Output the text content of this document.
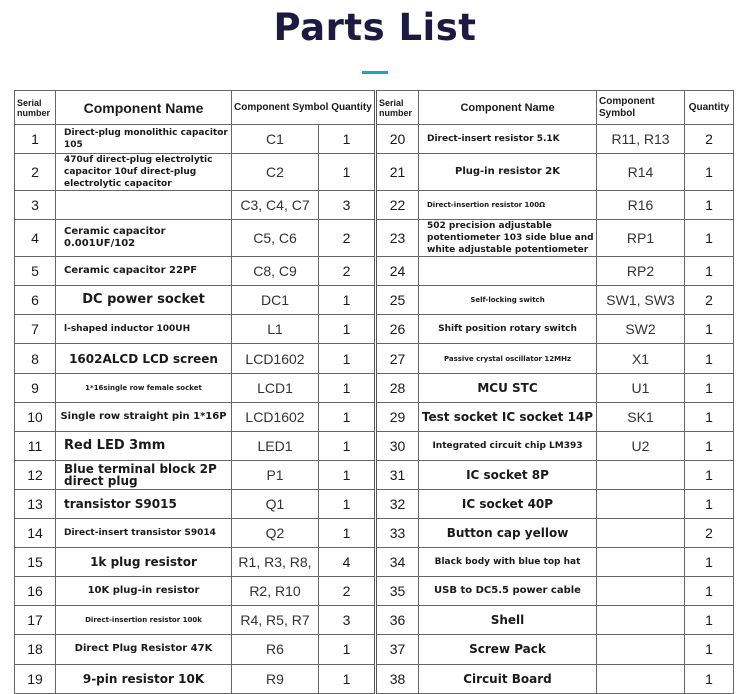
Parts List
Serial number	Component Name	Component Symbol Quantity		Serial number	Component Name	Component Symbol	Quantity
1	Direct-plug monolithic capacitor 105	C1	1	20	Direct-insert resistor 5.1K	R11, R13	2
2	470uf direct-plug electrolytic capacitor 10uf direct-plug electrolytic capacitor	C2	1	21	Plug-in resistor 2K	R14	1
3		C3, C4, C7	3	22	Direct-insertion resistor 100Ω	R16	1
4	Ceramic capacitor 0.001UF/102	C5, C6	2	23	502 precision adjustable potentiometer 103 side blue and white adjustable potentiometer	RP1	1
5	Ceramic capacitor 22PF	C8, C9	2	24		RP2	1
6	DC power socket	DC1	1	25	Self-locking switch	SW1, SW3	2
7	l-shaped inductor 100UH	L1	1	26	Shift position rotary switch	SW2	1
8	1602ALCD LCD screen	LCD1602	1	27	Passive crystal oscillator 12MHz	X1	1
9	1*16single row female socket	LCD1	1	28	MCU STC	U1	1
10	Single row straight pin 1*16P	LCD1602	1	29	Test socket IC socket 14P	SK1	1
11	Red LED 3mm	LED1	1	30	Integrated circuit chip LM393	U2	1
12	Blue terminal block 2P direct plug	P1	1	31	IC socket 8P		1
13	transistor S9015	Q1	1	32	IC socket 40P		1
14	Direct-insert transistor S9014	Q2	1	33	Button cap yellow		2
15	1k plug resistor	R1, R3, R8,	4	34	Black body with blue top hat		1
16	10K plug-in resistor	R2, R10	2	35	USB to DC5.5 power cable		1
17	Direct-insertion resistor 100k	R4, R5, R7	3	36	Shell		1
18	Direct Plug Resistor 47K	R6	1	37	Screw Pack		1
19	9-pin resistor 10K	R9	1	38	Circuit Board		1
